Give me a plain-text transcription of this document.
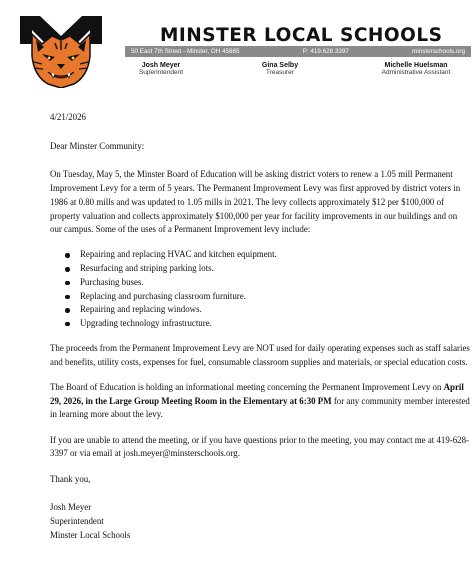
MINSTER LOCAL SCHOOLS
50 East 7th Street - Minster, OH 45865	P: 419.628.3397	minsterschools.org
Josh Meyer
Superintendent
Gina Selby
Treasurer
Michelle Huelsman
Administrative Assistant

4/21/2026

Dear Minster Community:

On Tuesday, May 5, the Minster Board of Education will be asking district voters to renew a 1.05 mill Permanent Improvement Levy for a term of 5 years. The Permanent Improvement Levy was first approved by district voters in 1986 at 0.80 mills and was updated to 1.05 mills in 2021. The levy collects approximately $12 per $100,000 of property valuation and collects approximately $100,000 per year for facility improvements in our buildings and on our campus. Some of the uses of a Permanent Improvement levy include:

Repairing and replacing HVAC and kitchen equipment.
Resurfacing and striping parking lots.
Purchasing buses.
Replacing and purchasing classroom furniture.
Repairing and replacing windows.
Upgrading technology infrastructure.

The proceeds from the Permanent Improvement Levy are NOT used for daily operating expenses such as staff salaries and benefits, utility costs, expenses for fuel, consumable classroom supplies and materials, or special education costs.

The Board of Education is holding an informational meeting concerning the Permanent Improvement Levy on April 29, 2026, in the Large Group Meeting Room in the Elementary at 6:30 PM for any community member interested in learning more about the levy.

If you are unable to attend the meeting, or if you have questions prior to the meeting, you may contact me at 419-628-3397 or via email at josh.meyer@minsterschools.org.

Thank you,

Josh Meyer

Superintendent

Minster Local Schools
